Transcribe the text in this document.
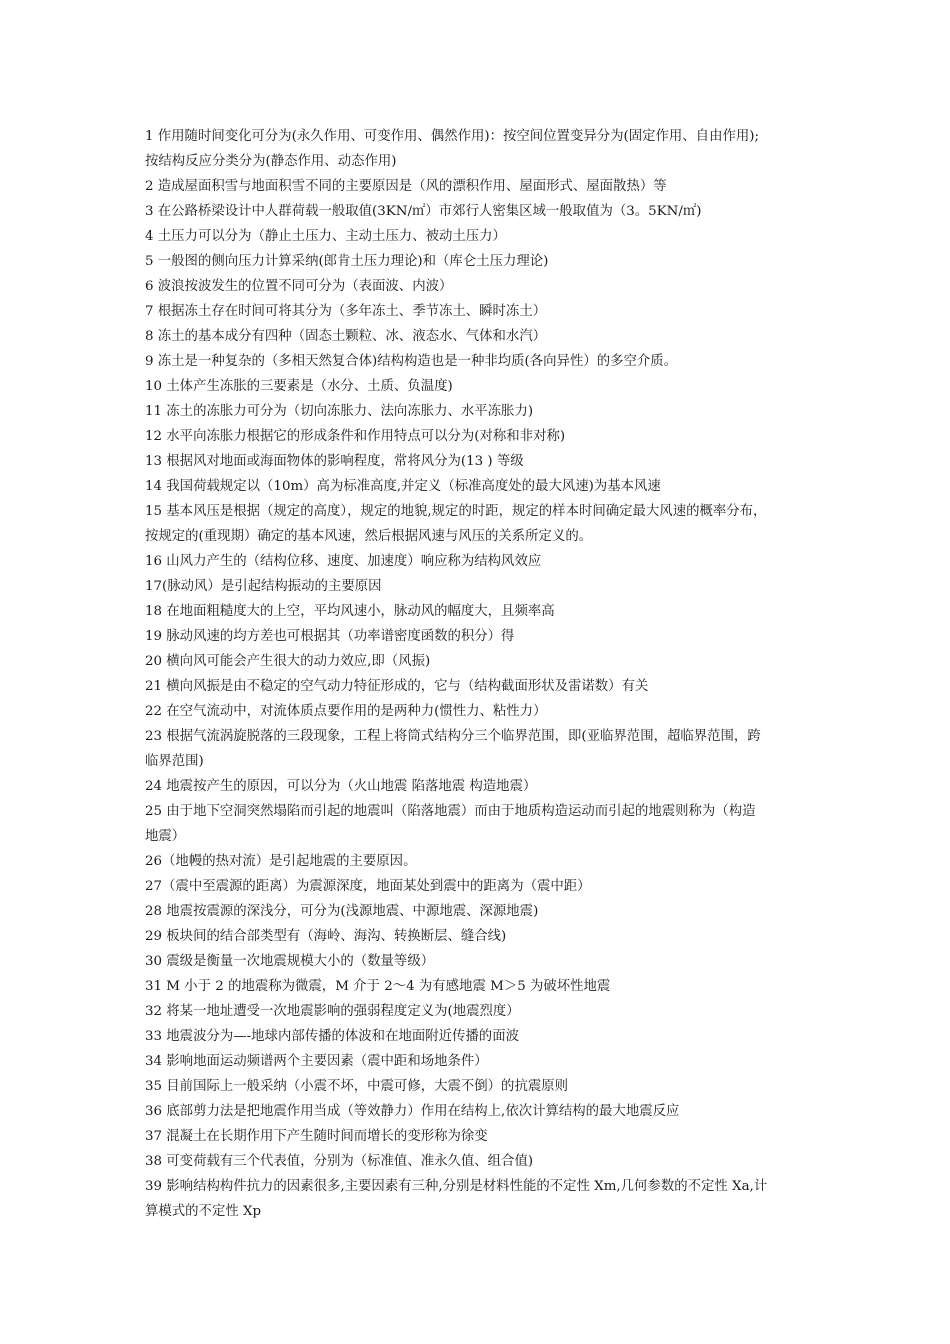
1 作用随时间变化可分为(永久作用、可变作用、偶然作用)：按空间位置变异分为(固定作用、自由作用);
按结构反应分类分为(静态作用、动态作用)
2 造成屋面积雪与地面积雪不同的主要原因是（风的漂积作用、屋面形式、屋面散热）等
3 在公路桥梁设计中人群荷载一般取值(3KN/㎡）市郊行人密集区域一般取值为（3。5KN/㎡)
4 土压力可以分为（静止土压力、主动土压力、被动土压力）
5 一般图的侧向压力计算采纳(郎肯土压力理论)和（库仑土压力理论)
6 波浪按波发生的位置不同可分为（表面波、内波）
7 根据冻土存在时间可将其分为（多年冻土、季节冻土、瞬时冻土）
8 冻土的基本成分有四种（固态土颗粒、冰、液态水、气体和水汽）
9 冻土是一种复杂的（多相天然复合体)结构构造也是一种非均质(各向异性）的多空介质。
10 土体产生冻胀的三要素是（水分、土质、负温度)
11 冻土的冻胀力可分为（切向冻胀力、法向冻胀力、水平冻胀力)
12 水平向冻胀力根据它的形成条件和作用特点可以分为(对称和非对称)
13 根据风对地面或海面物体的影响程度，常将风分为(13 ) 等级
14 我国荷载规定以（10m）高为标准高度,并定义（标准高度处的最大风速)为基本风速
15 基本风压是根据（规定的高度），规定的地貌,规定的时距，规定的样本时间确定最大风速的概率分布，
按规定的(重现期）确定的基本风速，然后根据风速与风压的关系所定义的。
16 山风力产生的（结构位移、速度、加速度）响应称为结构风效应
17(脉动风）是引起结构振动的主要原因
18 在地面粗糙度大的上空，平均风速小，脉动风的幅度大，且频率高
19 脉动风速的均方差也可根据其（功率谱密度函数的积分）得
20 横向风可能会产生很大的动力效应,即（风振)
21 横向风振是由不稳定的空气动力特征形成的，它与（结构截面形状及雷诺数）有关
22 在空气流动中，对流体质点要作用的是两种力(惯性力、粘性力）
23 根据气流涡旋脱落的三段现象，工程上将筒式结构分三个临界范围，即(亚临界范围，超临界范围，跨
临界范围)
24 地震按产生的原因，可以分为（火山地震 陷落地震 构造地震）
25 由于地下空洞突然塌陷而引起的地震叫（陷落地震）而由于地质构造运动而引起的地震则称为（构造
地震）
26（地幔的热对流）是引起地震的主要原因。
27（震中至震源的距离）为震源深度，地面某处到震中的距离为（震中距）
28 地震按震源的深浅分，可分为(浅源地震、中源地震、深源地震)
29 板块间的结合部类型有（海岭、海沟、转换断层、缝合线)
30 震级是衡量一次地震规模大小的（数量等级）
31 M 小于 2 的地震称为微震，M 介于 2～4 为有感地震 M＞5 为破坏性地震
32 将某一地址遭受一次地震影响的强弱程度定义为(地震烈度）
33 地震波分为—-地球内部传播的体波和在地面附近传播的面波
34 影响地面运动频谱两个主要因素（震中距和场地条件）
35 目前国际上一般采纳（小震不坏，中震可修，大震不倒）的抗震原则
36 底部剪力法是把地震作用当成（等效静力）作用在结构上,依次计算结构的最大地震反应
37 混凝土在长期作用下产生随时间而增长的变形称为徐变
38 可变荷载有三个代表值，分别为（标准值、准永久值、组合值)
39 影响结构构件抗力的因素很多,主要因素有三种,分别是材料性能的不定性 Xm,几何参数的不定性 Xa,计
算模式的不定性 Xp
